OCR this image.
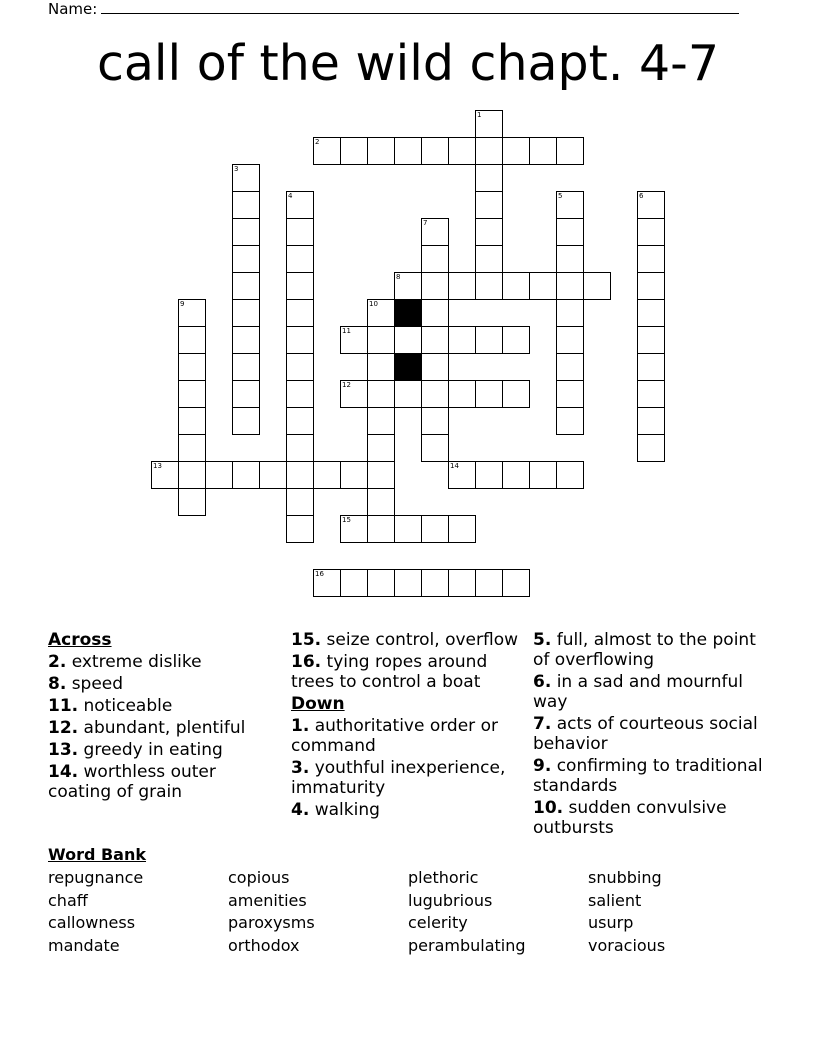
Name:
call of the wild chapt. 4-7
1
2
3
4	5	6
7
8
9	10
11
12
13	14
15
16
Across
2. extreme dislike
8. speed
11. noticeable
12. abundant, plentiful
13. greedy in eating
14. worthless outer coating of grain
15. seize control, overflow
16. tying ropes around trees to control a boat
Down
1. authoritative order or command
3. youthful inexperience, immaturity
4. walking
5. full, almost to the point of overflowing
6. in a sad and mournful way
7. acts of courteous social behavior
9. confirming to traditional standards
10. sudden convulsive outbursts
Word Bank
repugnance	copious	plethoric	snubbing
chaff	amenities	lugubrious	salient
callowness	paroxysms	celerity	usurp
mandate	orthodox	perambulating	voracious
